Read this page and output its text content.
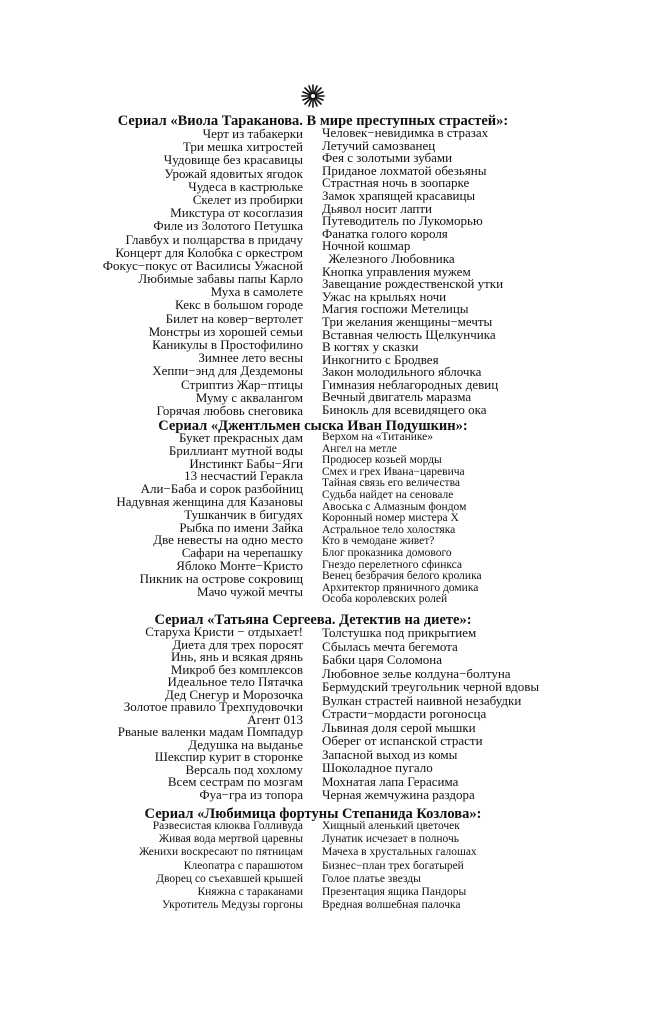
Сериал «Виола Тараканова. В мире преступных страстей»:
Черт из табакерки
Три мешка хитростей
Чудовище без красавицы
Урожай ядовитых ягодок
Чудеса в кастрюльке
Скелет из пробирки
Микстура от косоглазия
Филе из Золотого Петушка
Главбух и полцарства в придачу
Концерт для Колобка с оркестром
Фокус−покус от Василисы Ужасной
Любимые забавы папы Карло
Муха в самолете
Кекс в большом городе
Билет на ковер−вертолет
Монстры из хорошей семьи
Каникулы в Простофилино
Зимнее лето весны
Хеппи−энд для Дездемоны
Стриптиз Жар−птицы
Муму с аквалангом
Горячая любовь снеговика
Человек−невидимка в стразах
Летучий самозванец
Фея с золотыми зубами
Приданое лохматой обезьяны
Страстная ночь в зоопарке
Замок храпящей красавицы
Дьявол носит лапти
Путеводитель по Лукоморью
Фанатка голого короля
Ночной кошмар
Железного Любовника
Кнопка управления мужем
Завещание рождественской утки
Ужас на крыльях ночи
Магия госпожи Метелицы
Три желания женщины−мечты
Вставная челюсть Щелкунчика
В когтях у сказки
Инкогнито с Бродвея
Закон молодильного яблочка
Гимназия неблагородных девиц
Вечный двигатель маразма
Бинокль для всевидящего ока
Сериал «Джентльмен сыска Иван Подушкин»:
Букет прекрасных дам
Бриллиант мутной воды
Инстинкт Бабы−Яги
13 несчастий Геракла
Али−Баба и сорок разбойниц
Надувная женщина для Казановы
Тушканчик в бигудях
Рыбка по имени Зайка
Две невесты на одно место
Сафари на черепашку
Яблоко Монте−Кристо
Пикник на острове сокровищ
Мачо чужой мечты
Верхом на «Титанике»
Ангел на метле
Продюсер козьей морды
Смех и грех Ивана−царевича
Тайная связь его величества
Судьба найдет на сеновале
Авоська с Алмазным фондом
Коронный номер мистера Х
Астральное тело холостяка
Кто в чемодане живет?
Блог проказника домового
Гнездо перелетного сфинкса
Венец безбрачия белого кролика
Архитектор пряничного домика
Особа королевских ролей
Сериал «Татьяна Сергеева. Детектив на диете»:
Старуха Кристи − отдыхает!
Диета для трех поросят
Инь, янь и всякая дрянь
Микроб без комплексов
Идеальное тело Пятачка
Дед Снегур и Морозочка
Золотое правило Трехпудовочки
Агент 013
Рваные валенки мадам Помпадур
Дедушка на выданье
Шекспир курит в сторонке
Версаль под хохлому
Всем сестрам по мозгам
Фуа−гра из топора
Толстушка под прикрытием
Сбылась мечта бегемота
Бабки царя Соломона
Любовное зелье колдуна−болтуна
Бермудский треугольник черной вдовы
Вулкан страстей наивной незабудки
Страсти−мордасти рогоносца
Львиная доля серой мышки
Оберег от испанской страсти
Запасной выход из комы
Шоколадное пугало
Мохнатая лапа Герасима
Черная жемчужина раздора
Сериал «Любимица фортуны Степанида Козлова»:
Развесистая клюква Голливуда
Живая вода мертвой царевны
Женихи воскресают по пятницам
Клеопатра с парашютом
Дворец со съехавшей крышей
Княжна с тараканами
Укротитель Медузы горгоны
Хищный аленький цветочек
Лунатик исчезает в полночь
Мачеха в хрустальных галошах
Бизнес−план трех богатырей
Голое платье звезды
Презентация ящика Пандоры
Вредная волшебная палочка
